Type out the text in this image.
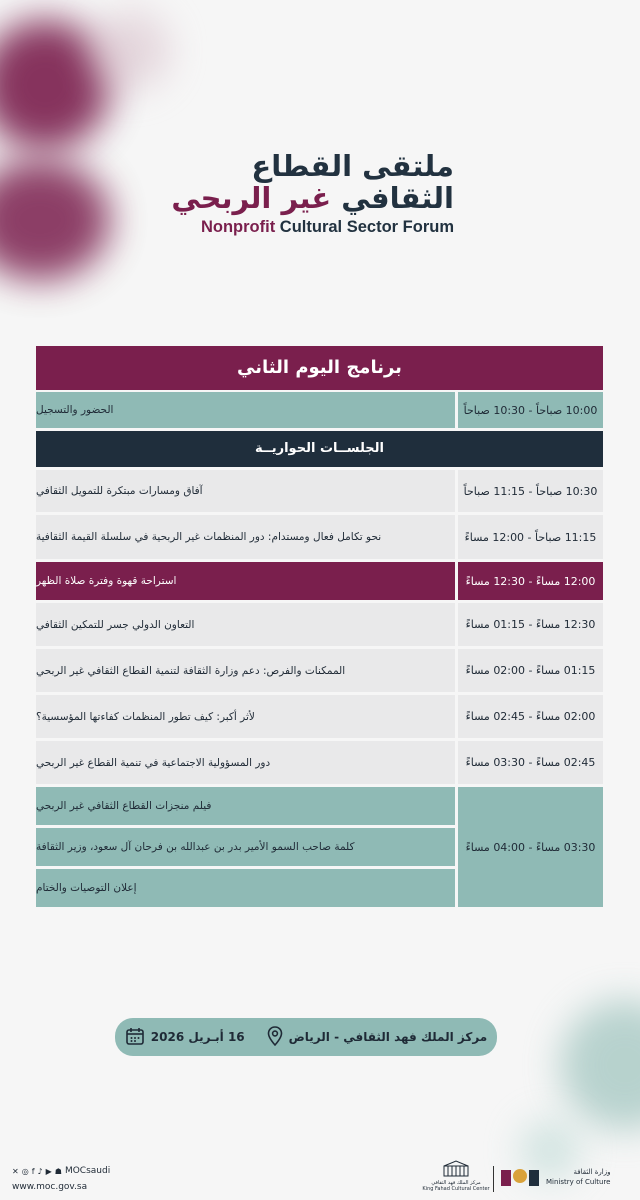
ملتقى القطاع
الثقافي غير الربحي
Nonprofit Cultural Sector Forum
برنامج اليوم الثاني
10:00 صباحاً - 10:30 صباحاً
الحضور والتسجيل
الجلســات الحواريــة
10:30 صباحاً - 11:15 صباحاً
آفاق ومسارات مبتكرة للتمويل الثقافي
11:15 صباحاً - 12:00 مساءً
نحو تكامل فعال ومستدام: دور المنظمات غير الربحية في سلسلة القيمة الثقافية
12:00 مساءً - 12:30 مساءً
استراحة قهوة وفترة صلاة الظهر
12:30 مساءً - 01:15 مساءً
التعاون الدولي جسر للتمكين الثقافي
01:15 مساءً - 02:00 مساءً
الممكنات والفرص: دعم وزارة الثقافة لتنمية القطاع الثقافي غير الربحي
02:00 مساءً - 02:45 مساءً
لأثر أكبر: كيف تطور المنظمات كفاءتها المؤسسية؟
02:45 مساءً - 03:30 مساءً
دور المسؤولية الاجتماعية في تنمية القطاع غير الربحي
03:30 مساءً - 04:00 مساءً
فيلم منجزات القطاع الثقافي غير الربحي
كلمة صاحب السمو الأمير بدر بن عبدالله بن فرحان آل سعود، وزير الثقافة
إعلان التوصيات والختام
16 أبـريل 2026	مركز الملك فهد الثقافي - الرياض
✕ ◎ f ♪ ▶ ☗ MOCsaudi
www.moc.gov.sa	مركز الملك فهد الثقافي
King Fahad Cultural Center
وزارة الثقافة
Ministry of Culture
